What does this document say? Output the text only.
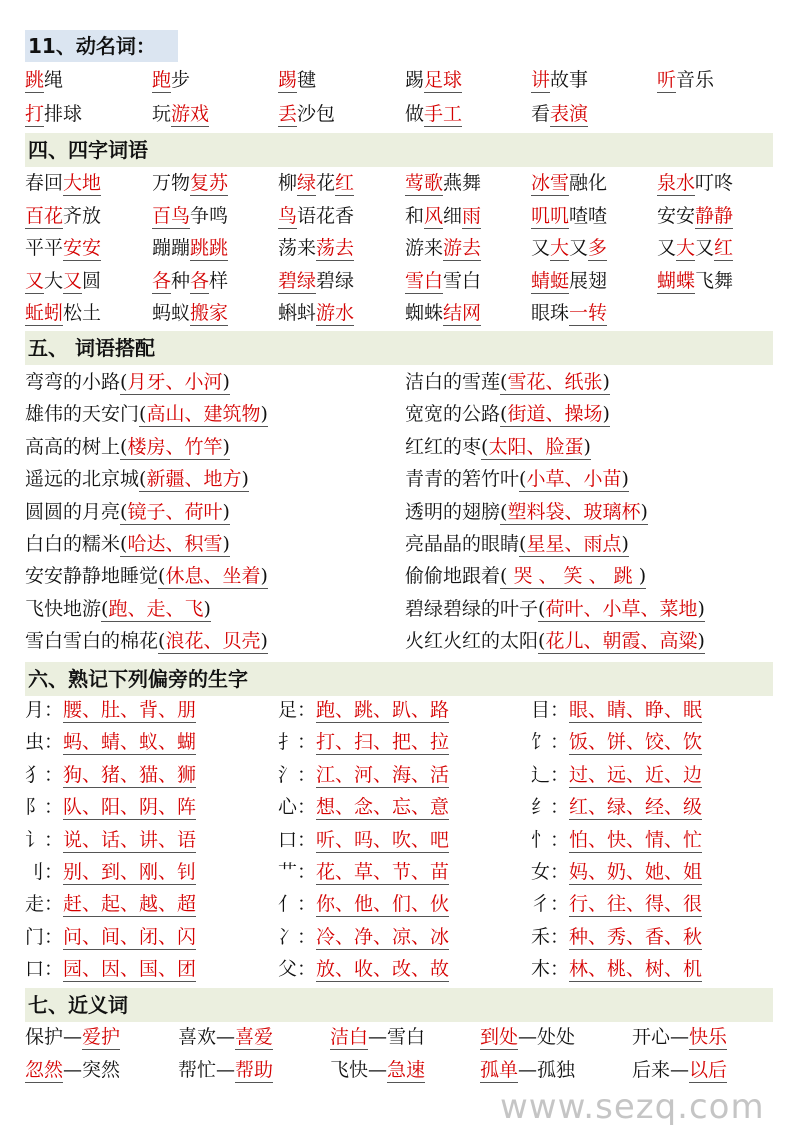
11、动名词：
跳绳	跑步	踢毽	踢足球	讲故事	听音乐
打排球	玩游戏	丢沙包	做手工	看表演
四、四字词语
春回大地	万物复苏	柳绿花红	莺歌燕舞	冰雪融化	泉水叮咚
百花齐放	百鸟争鸣	鸟语花香	和风细雨	叽叽喳喳	安安静静
平平安安	蹦蹦跳跳	荡来荡去	游来游去	又大又多	又大又红
又大又圆	各种各样	碧绿碧绿	雪白雪白	蜻蜓展翅	蝴蝶飞舞
蚯蚓松土	蚂蚁搬家	蝌蚪游水	蜘蛛结网	眼珠一转
五、 词语搭配
弯弯的小路(月牙、小河)	洁白的雪莲(雪花、纸张)
雄伟的天安门(高山、建筑物)	宽宽的公路(街道、操场)
高高的树上(楼房、竹竿)	红红的枣(太阳、脸蛋)
遥远的北京城(新疆、地方)	青青的箬竹叶(小草、小苗)
圆圆的月亮(镜子、荷叶)	透明的翅膀(塑料袋、玻璃杯)
白白的糯米(哈达、积雪)	亮晶晶的眼睛(星星、雨点)
安安静静地睡觉(休息、坐着)	偷偷地跟着( 哭 、 笑 、 跳 )
飞快地游(跑、走、飞)	碧绿碧绿的叶子(荷叶、小草、菜地)
雪白雪白的棉花(浪花、贝壳)	火红火红的太阳(花儿、朝霞、高粱)
六、熟记下列偏旁的生字
月：腰、肚、背、朋	足：跑、跳、趴、路	目：眼、睛、睁、眠
虫：蚂、蜻、蚁、蝴	扌：打、扫、把、拉	饣：饭、饼、饺、饮
犭：狗、猪、猫、狮	氵：江、河、海、活	辶：过、远、近、边
阝：队、阳、阴、阵	心：想、念、忘、意	纟：红、绿、经、级
讠：说、话、讲、语	口：听、吗、吹、吧	忄：怕、快、情、忙
刂：别、到、刚、钊	艹：花、草、节、苗	女：妈、奶、她、姐
走：赶、起、越、超	亻：你、他、们、伙	彳：行、往、得、很
门：问、间、闭、闪	冫：冷、净、凉、冰	禾：种、秀、香、秋
口：园、因、国、团	父：放、收、改、故	木：林、桃、树、机
七、近义词
保护—爱护	喜欢—喜爱	洁白—雪白	到处—处处	开心—快乐
忽然—突然	帮忙—帮助	飞快—急速	孤单—孤独	后来—以后
www.sezq.com
